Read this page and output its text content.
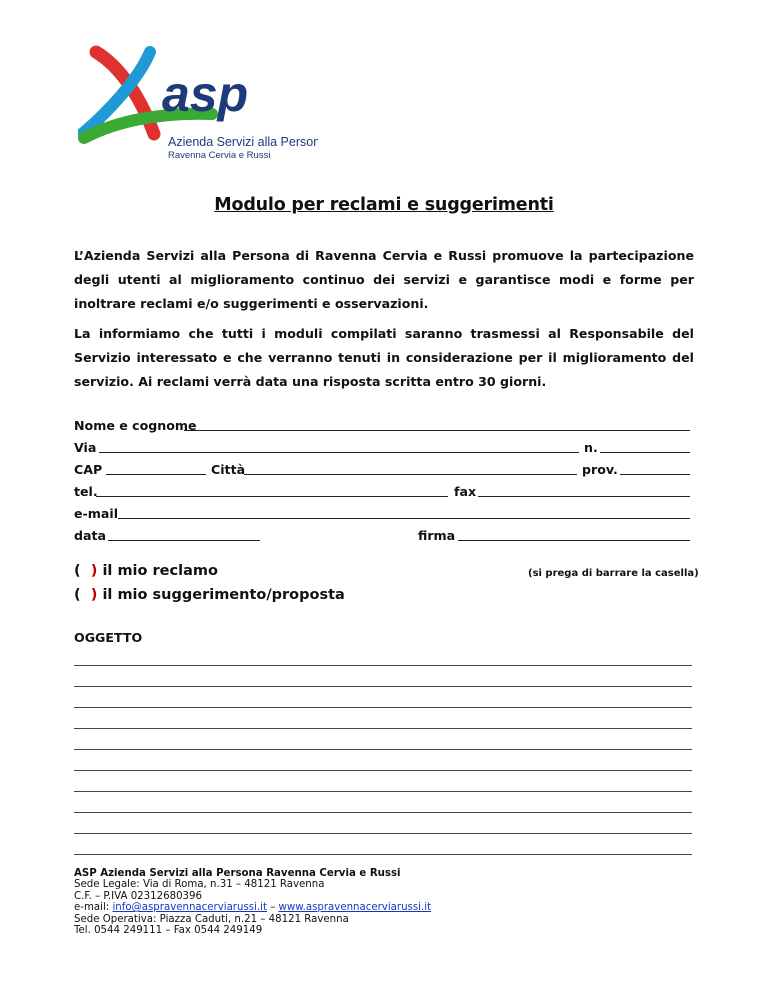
asp
Azienda Servizi alla Persona
Ravenna Cervia e Russi
Modulo per reclami e suggerimenti
L’Azienda Servizi alla Persona di Ravenna Cervia e Russi promuove la partecipazione degli utenti al miglioramento continuo dei servizi e garantisce modi e forme per inoltrare reclami e/o suggerimenti e osservazioni.
La informiamo che tutti i moduli compilati saranno trasmessi al Responsabile del Servizio interessato e che verranno tenuti in considerazione per il miglioramento del servizio. Ai reclami verrà data una risposta scritta entro 30 giorni.
Nome e cognome
Via	n.
CAP	Città	prov.
tel.	fax
e-mail
data	firma
( ) il mio reclamo	(si prega di barrare la casella)
( ) il mio suggerimento/proposta
OGGETTO
ASP Azienda Servizi alla Persona Ravenna Cervia e Russi
Sede Legale: Via di Roma, n.31 – 48121 Ravenna
C.F. – P.IVA 02312680396
e-mail: info@aspravennacerviarussi.it – www.aspravennacerviarussi.it
Sede Operativa: Piazza Caduti, n.21 – 48121 Ravenna
Tel. 0544 249111 – Fax 0544 249149
